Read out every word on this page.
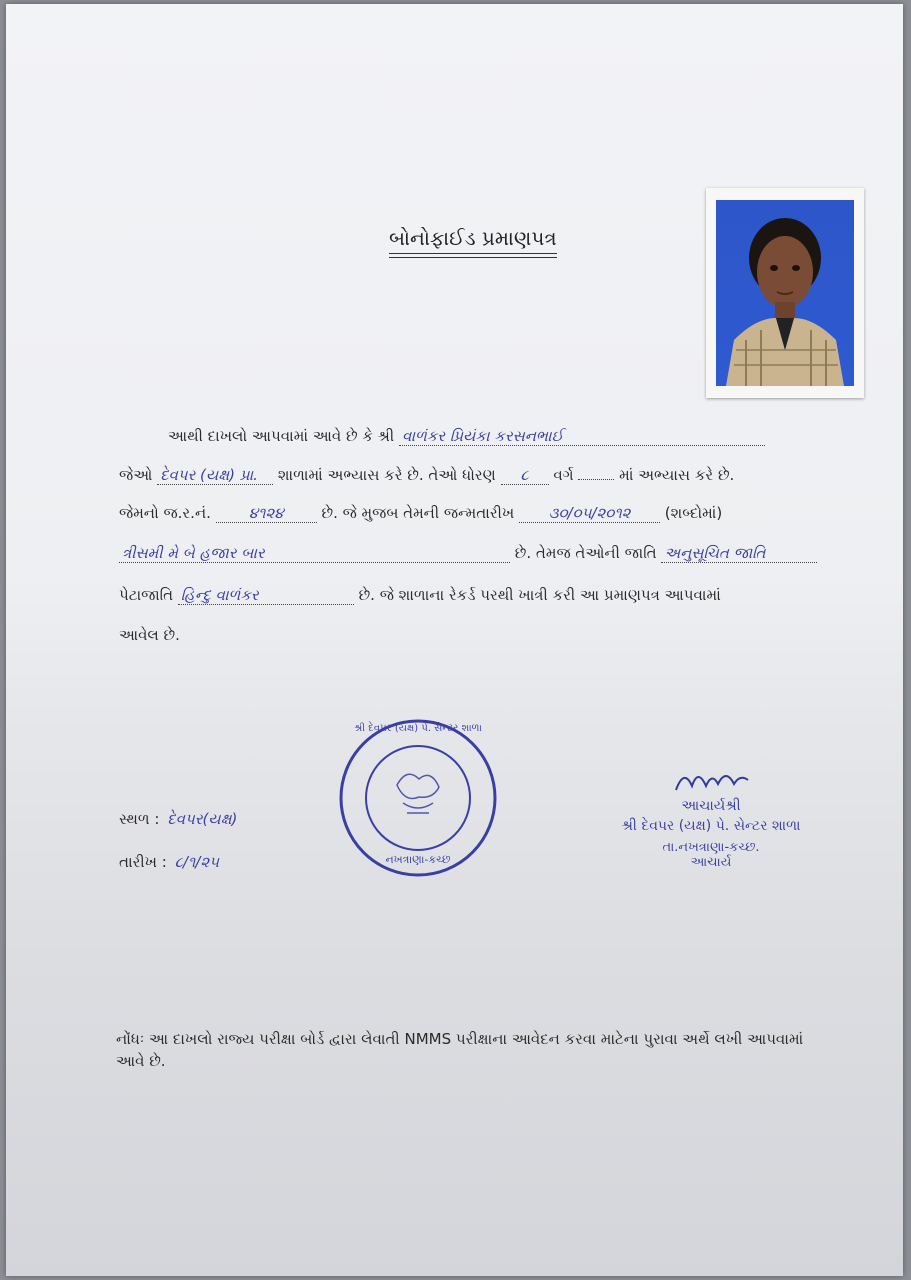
બોનોફાઈડ પ્રમાણપત્ર
આથી દાખલો આપવામાં આવે છે કે શ્રી વાળંકર પ્રિયંકા કરસનભાઈ
જેઓ દેવપર (યક્ષ) પ્રા. શાળામાં અભ્યાસ કરે છે. તેઓ ધોરણ ૮ વર્ગ	માં અભ્યાસ કરે છે.
જેમનો જ.ર.નં.	૪૧૨૪	છે. જે મુજબ તેમની જન્મતારીખ ૩૦/૦૫/૨૦૧૨ (શબ્દોમાં)
ત્રીસમી મે બે હજાર બાર	છે. તેમજ તેઓની જાતિ અનુસૂચિત જાતિ
પેટાજાતિ હિન્દુ વાળંકર	છે. જે શાળાના રેકર્ડ પરથી ખાત્રી કરી આ પ્રમાણપત્ર આપવામાં
આવેલ છે.
શ્રી દેવપર (યક્ષ) પે. સેન્ટર શાળા
નખત્રાણા-કચ્છ
સ્થળ : દેવપર(યક્ષ)
તારીખ : ૮/૧/૨૫
આચાર્યશ્રી
શ્રી દેવપર (યક્ષ) પે. સેન્ટર શાળા
તા.નખત્રાણા-કચ્છ.
આચાર્ય
નોંધઃ આ દાખલો રાજ્ય પરીક્ષા બોર્ડ દ્વારા લેવાતી NMMS પરીક્ષાના આવેદન કરવા માટેના પુરાવા અર્થે લખી આપવામાં આવે છે.
